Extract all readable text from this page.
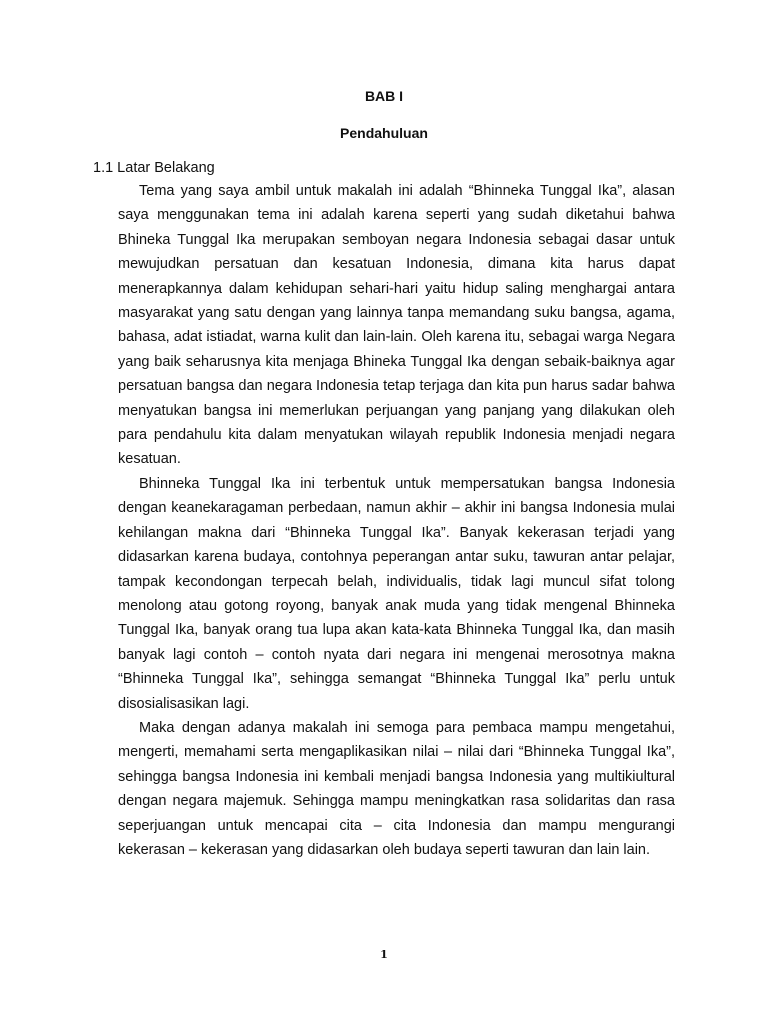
BAB I
Pendahuluan
1.1 Latar Belakang

Tema yang saya ambil untuk makalah ini adalah “Bhinneka Tunggal Ika”, alasan saya menggunakan tema ini adalah karena seperti yang sudah diketahui bahwa Bhineka Tunggal Ika merupakan semboyan negara Indonesia sebagai dasar untuk mewujudkan persatuan dan kesatuan Indonesia, dimana kita harus dapat menerapkannya dalam kehidupan sehari-hari yaitu hidup saling menghargai antara masyarakat yang satu dengan yang lainnya tanpa memandang suku bangsa, agama, bahasa, adat istiadat, warna kulit dan lain-lain. Oleh karena itu, sebagai warga Negara yang baik seharusnya kita menjaga Bhineka Tunggal Ika dengan sebaik-baiknya agar persatuan bangsa dan negara Indonesia tetap terjaga dan kita pun harus sadar bahwa menyatukan bangsa ini memerlukan perjuangan yang panjang yang dilakukan oleh para pendahulu kita dalam menyatukan wilayah republik Indonesia menjadi negara kesatuan.

Bhinneka Tunggal Ika ini terbentuk untuk mempersatukan bangsa Indonesia dengan keanekaragaman perbedaan, namun akhir – akhir ini bangsa Indonesia mulai kehilangan makna dari “Bhinneka Tunggal Ika”. Banyak kekerasan terjadi yang didasarkan karena budaya, contohnya peperangan antar suku, tawuran antar pelajar, tampak kecondongan terpecah belah, individualis, tidak lagi muncul sifat tolong menolong atau gotong royong, banyak anak muda yang tidak mengenal Bhinneka Tunggal Ika, banyak orang tua lupa akan kata-kata Bhinneka Tunggal Ika, dan masih banyak lagi contoh – contoh nyata dari negara ini mengenai merosotnya makna “Bhinneka Tunggal Ika”, sehingga semangat “Bhinneka Tunggal Ika” perlu untuk disosialisasikan lagi.

Maka dengan adanya makalah ini semoga para pembaca mampu mengetahui, mengerti, memahami serta mengaplikasikan nilai – nilai dari “Bhinneka Tunggal Ika”, sehingga bangsa Indonesia ini kembali menjadi bangsa Indonesia yang multikiultural dengan negara majemuk. Sehingga mampu meningkatkan rasa solidaritas dan rasa seperjuangan untuk mencapai cita – cita Indonesia dan mampu mengurangi kekerasan – kekerasan yang didasarkan oleh budaya seperti tawuran dan lain lain.

1
